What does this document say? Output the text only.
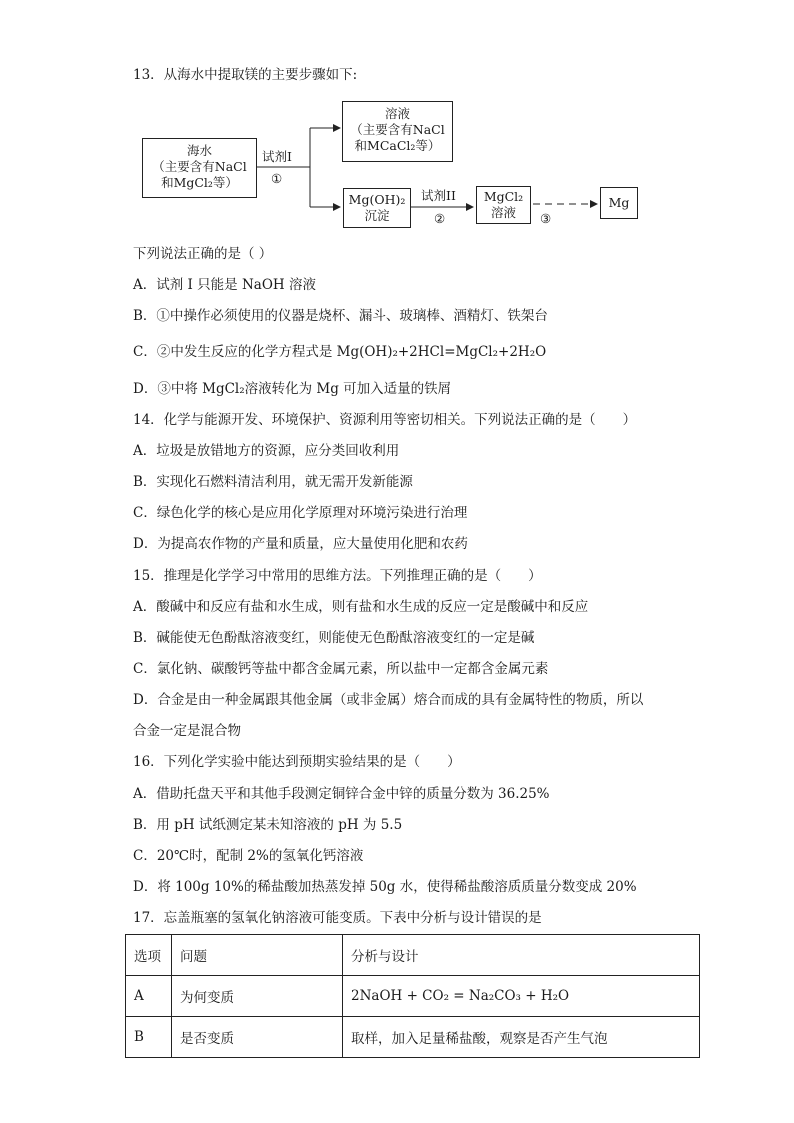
13．从海水中提取镁的主要步骤如下:
海水
（主要含有NaCl
和MgCl₂等）
溶液
（主要含有NaCl
和MCaCl₂等）
试剂I
①
Mg(OH)₂
沉淀
试剂II
②
MgCl₂
溶液	③
Mg
下列说法正确的是（ ）
A．试剂 I 只能是 NaOH 溶液
B．①中操作必须使用的仪器是烧杯、漏斗、玻璃棒、酒精灯、铁架台
C．②中发生反应的化学方程式是 Mg(OH)₂+2HCl=MgCl₂+2H₂O
D．③中将 MgCl₂溶液转化为 Mg 可加入适量的铁屑
14．化学与能源开发、环境保护、资源利用等密切相关。下列说法正确的是（　　）
A．垃圾是放错地方的资源，应分类回收利用
B．实现化石燃料清洁利用，就无需开发新能源
C．绿色化学的核心是应用化学原理对环境污染进行治理
D．为提高农作物的产量和质量，应大量使用化肥和农药
15．推理是化学学习中常用的思维方法。下列推理正确的是（　　）
A．酸碱中和反应有盐和水生成，则有盐和水生成的反应一定是酸碱中和反应
B．碱能使无色酚酞溶液变红，则能使无色酚酞溶液变红的一定是碱
C．氯化钠、碳酸钙等盐中都含金属元素，所以盐中一定都含金属元素
D．合金是由一种金属跟其他金属（或非金属）熔合而成的具有金属特性的物质，所以
合金一定是混合物
16．下列化学实验中能达到预期实验结果的是（　　）
A．借助托盘天平和其他手段测定铜锌合金中锌的质量分数为 36.25%
B．用 pH 试纸测定某未知溶液的 pH 为 5.5
C．20℃时，配制 2%的氢氧化钙溶液
D．将 100g 10%的稀盐酸加热蒸发掉 50g 水，使得稀盐酸溶质质量分数变成 20%
17．忘盖瓶塞的氢氧化钠溶液可能变质。下表中分析与设计错误的是
选项	问题	分析与设计
A	为何变质	2NaOH + CO₂ = Na₂CO₃ + H₂O
B	是否变质	取样，加入足量稀盐酸，观察是否产生气泡
